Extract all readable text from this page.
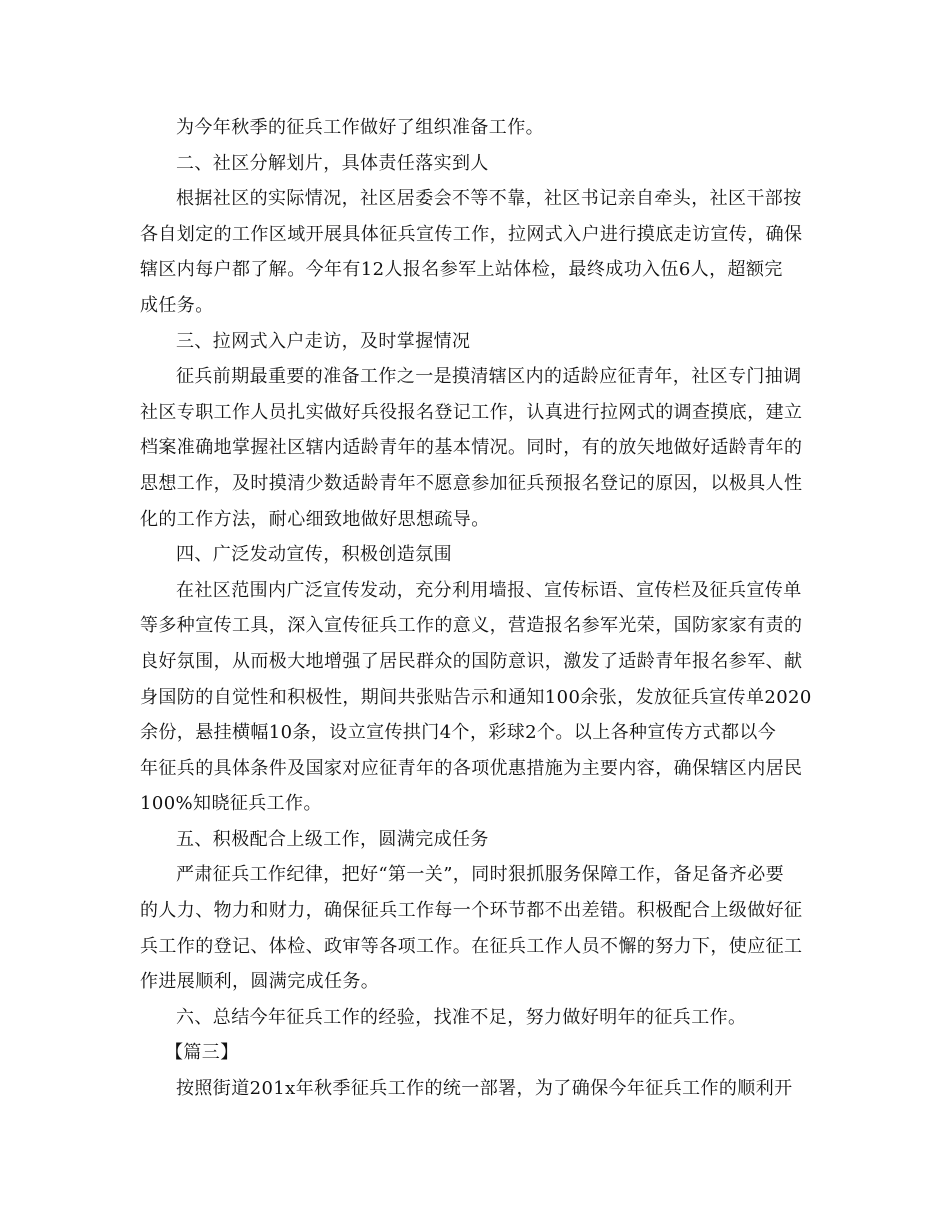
为今年秋季的征兵工作做好了组织准备工作。
二、社区分解划片，具体责任落实到人
根据社区的实际情况，社区居委会不等不靠，社区书记亲自牵头，社区干部按
各自划定的工作区域开展具体征兵宣传工作，拉网式入户进行摸底走访宣传，确保
辖区内每户都了解。今年有12人报名参军上站体检，最终成功入伍6人，超额完
成任务。
三、拉网式入户走访，及时掌握情况
征兵前期最重要的准备工作之一是摸清辖区内的适龄应征青年，社区专门抽调
社区专职工作人员扎实做好兵役报名登记工作，认真进行拉网式的调查摸底，建立
档案准确地掌握社区辖内适龄青年的基本情况。同时，有的放矢地做好适龄青年的
思想工作，及时摸清少数适龄青年不愿意参加征兵预报名登记的原因，以极具人性
化的工作方法，耐心细致地做好思想疏导。
四、广泛发动宣传，积极创造氛围
在社区范围内广泛宣传发动，充分利用墙报、宣传标语、宣传栏及征兵宣传单
等多种宣传工具，深入宣传征兵工作的意义，营造报名参军光荣，国防家家有责的
良好氛围，从而极大地增强了居民群众的国防意识，激发了适龄青年报名参军、献
身国防的自觉性和积极性，期间共张贴告示和通知100余张，发放征兵宣传单2020
余份，悬挂横幅10条，设立宣传拱门4个，彩球2个。以上各种宣传方式都以今
年征兵的具体条件及国家对应征青年的各项优惠措施为主要内容，确保辖区内居民
100%知晓征兵工作。
五、积极配合上级工作，圆满完成任务
严肃征兵工作纪律，把好“第一关”，同时狠抓服务保障工作，备足备齐必要
的人力、物力和财力，确保征兵工作每一个环节都不出差错。积极配合上级做好征
兵工作的登记、体检、政审等各项工作。在征兵工作人员不懈的努力下，使应征工
作进展顺利，圆满完成任务。
六、总结今年征兵工作的经验，找准不足，努力做好明年的征兵工作。
【篇三】
按照街道201x年秋季征兵工作的统一部署，为了确保今年征兵工作的顺利开
